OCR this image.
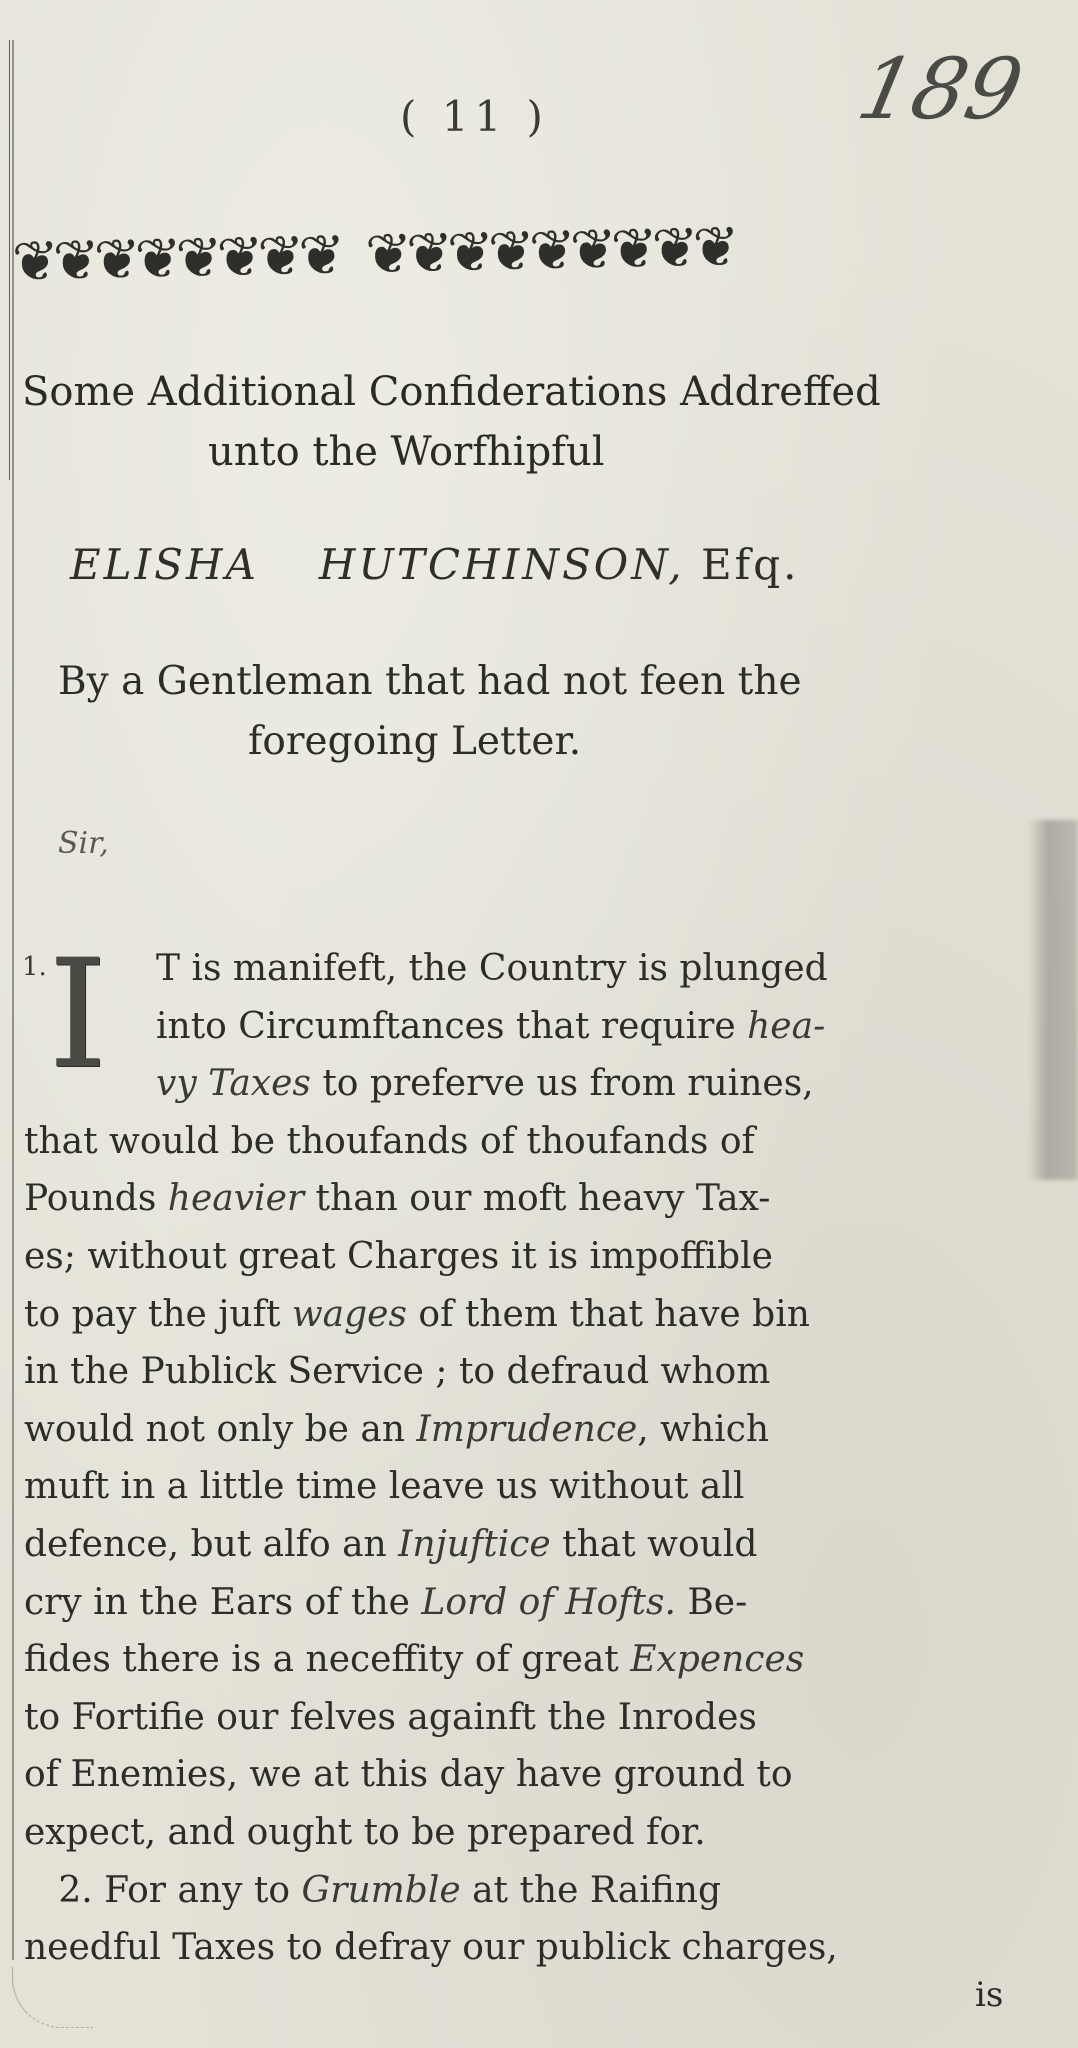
( 11 )	189
❦❦❦❦❦❦❦❦ ❦❦❦❦❦❦❦❦❦
Some Additional Confiderations Addreffed
unto the Worfhipful
ELISHA HUTCHINSON, Efq.
By a Gentleman that had not feen the
foregoing Letter.
Sir,
1. I	T is manifeft, the Country is plunged
into Circumftances that require hea-
vy Taxes to preferve us from ruines,
that would be thoufands of thoufands of
Pounds heavier than our moft heavy Tax-
es; without great Charges it is impoffible
to pay the juft wages of them that have bin
in the Publick Service ; to defraud whom
would not only be an Imprudence, which
muft in a little time leave us without all
defence, but alfo an Injuftice that would
cry in the Ears of the Lord of Hofts. Be-
fides there is a neceffity of great Expences
to Fortifie our felves againft the Inrodes
of Enemies, we at this day have ground to
expect, and ought to be prepared for.
2. For any to Grumble at the Raifing
needful Taxes to defray our publick charges,
is
